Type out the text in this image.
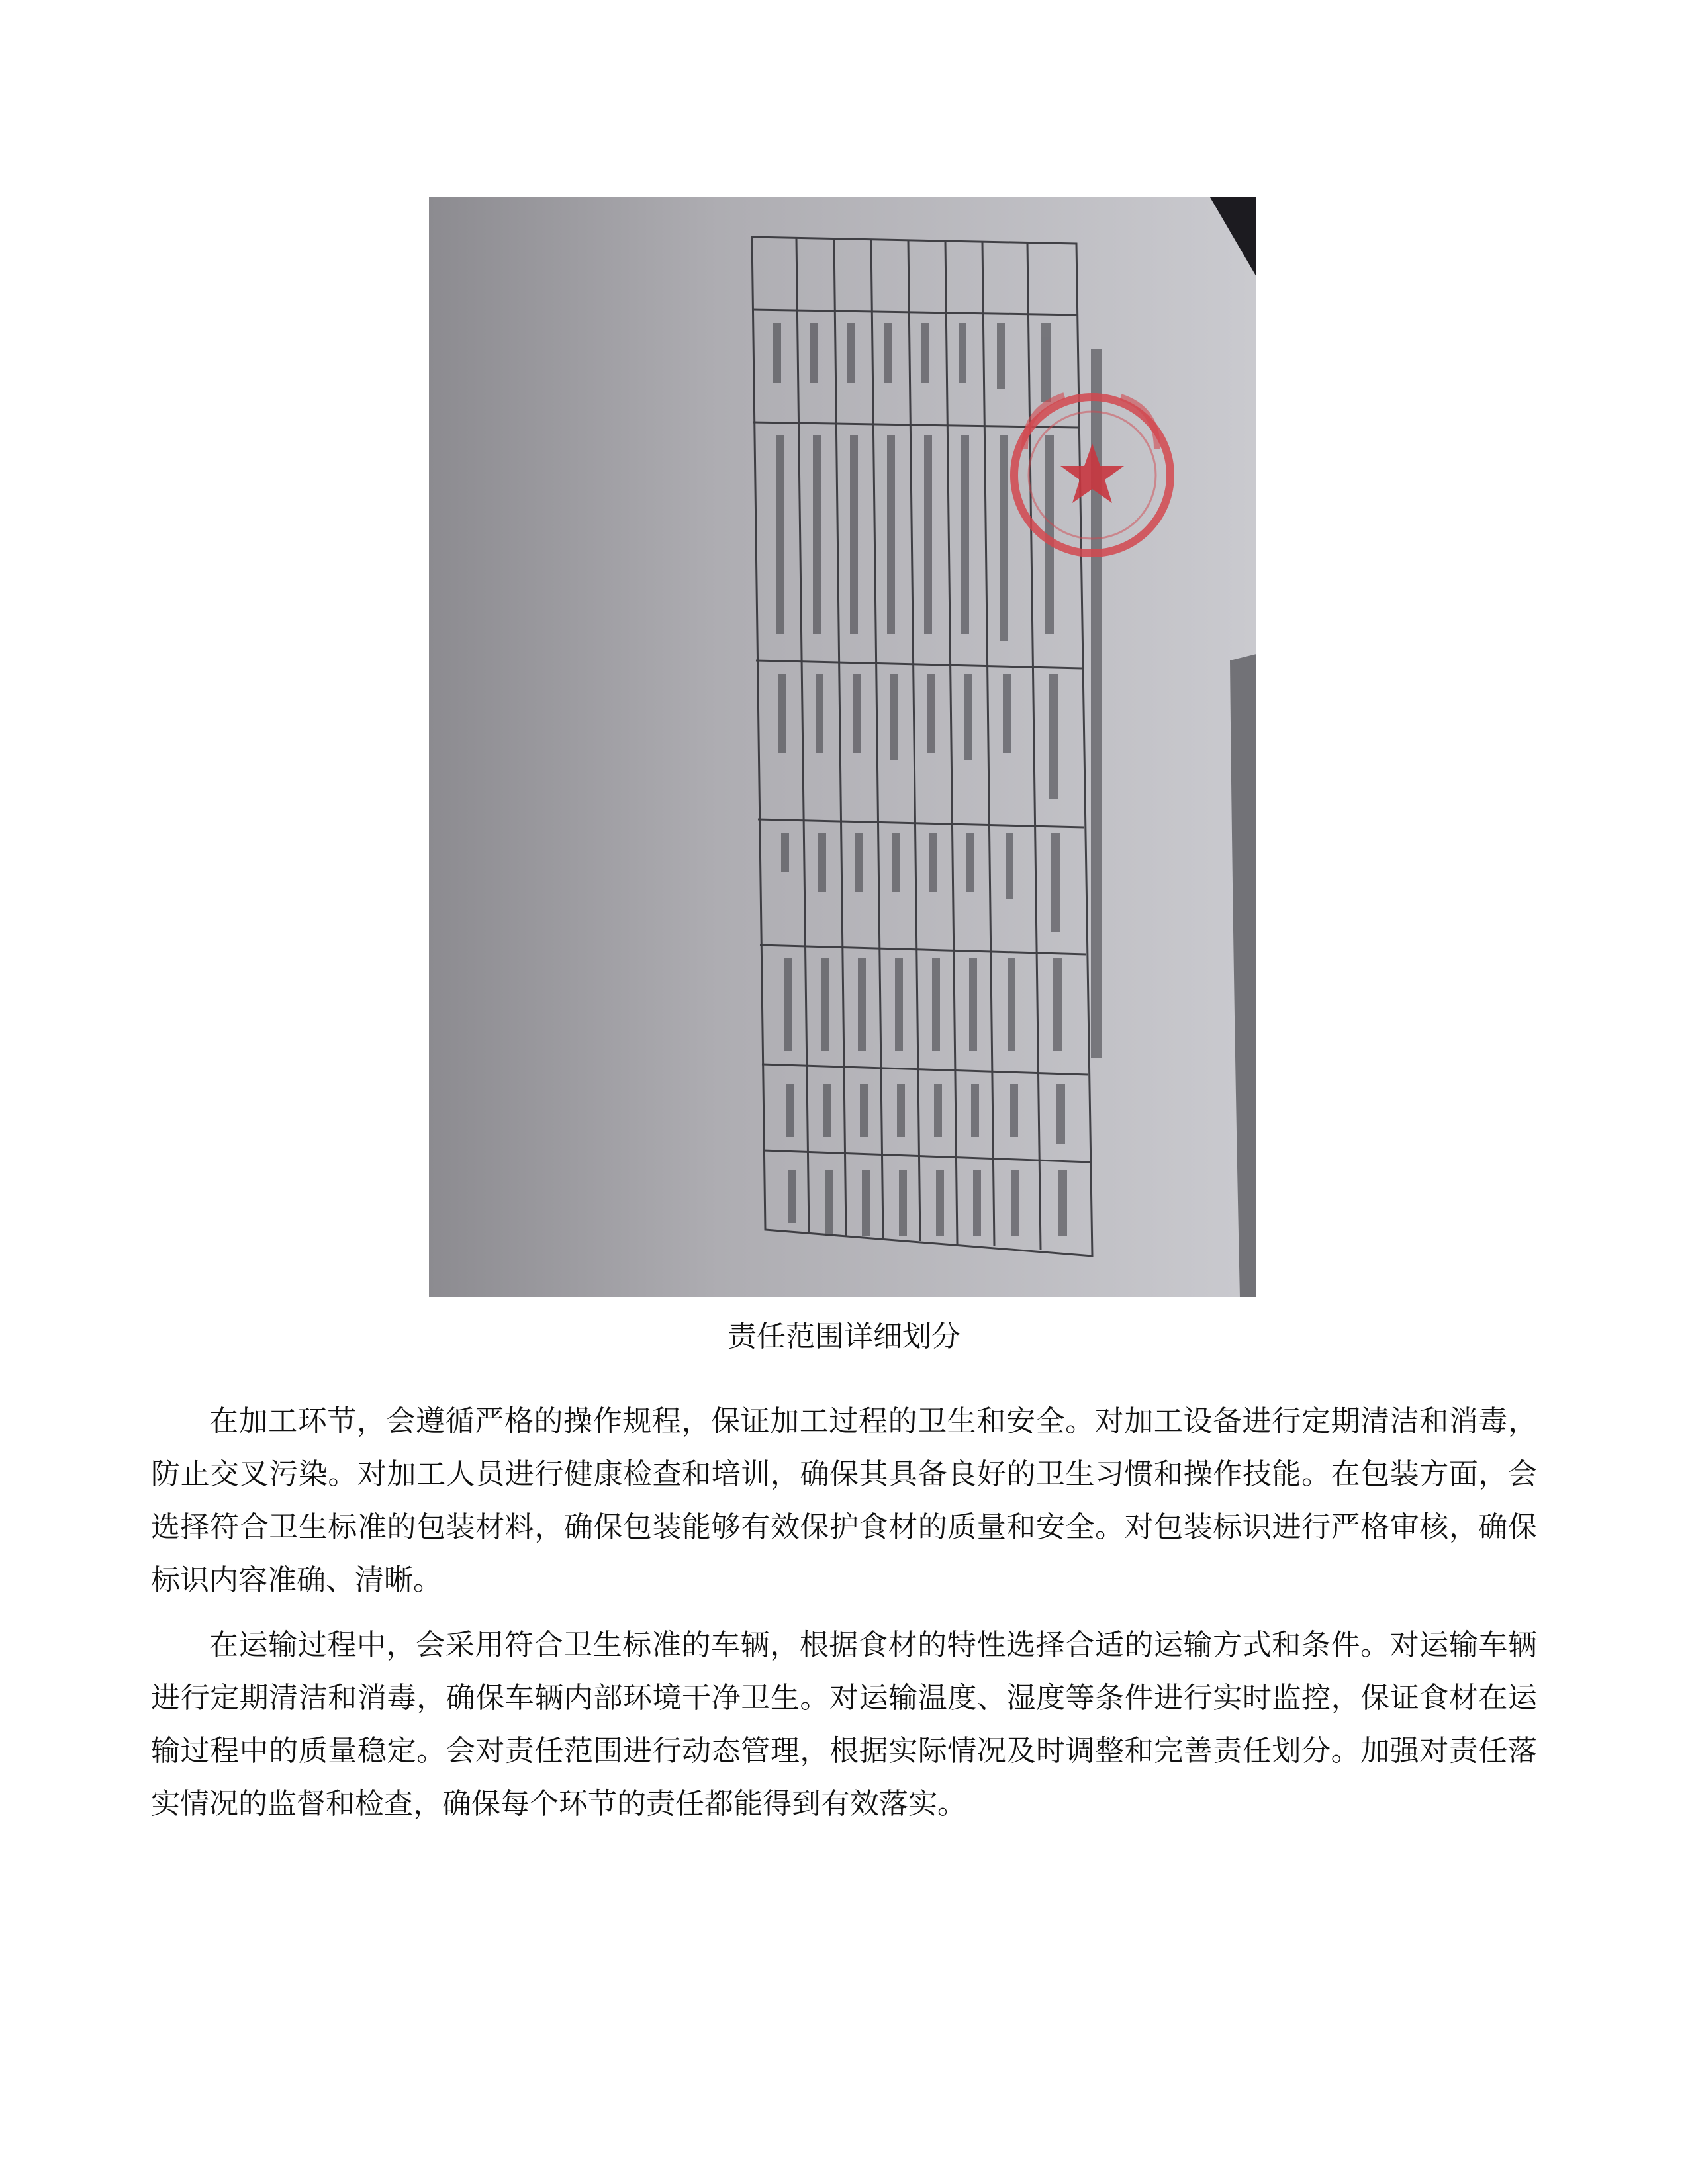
责任范围详细划分

在加工环节，会遵循严格的操作规程，保证加工过程的卫生和安全。对加工设备进行定期清洁和消毒，防止交叉污染。对加工人员进行健康检查和培训，确保其具备良好的卫生习惯和操作技能。在包装方面，会选择符合卫生标准的包装材料，确保包装能够有效保护食材的质量和安全。对包装标识进行严格审核，确保标识内容准确、清晰。

在运输过程中，会采用符合卫生标准的车辆，根据食材的特性选择合适的运输方式和条件。对运输车辆进行定期清洁和消毒，确保车辆内部环境干净卫生。对运输温度、湿度等条件进行实时监控，保证食材在运输过程中的质量稳定。会对责任范围进行动态管理，根据实际情况及时调整和完善责任划分。加强对责任落实情况的监督和检查，确保每个环节的责任都能得到有效落实。
